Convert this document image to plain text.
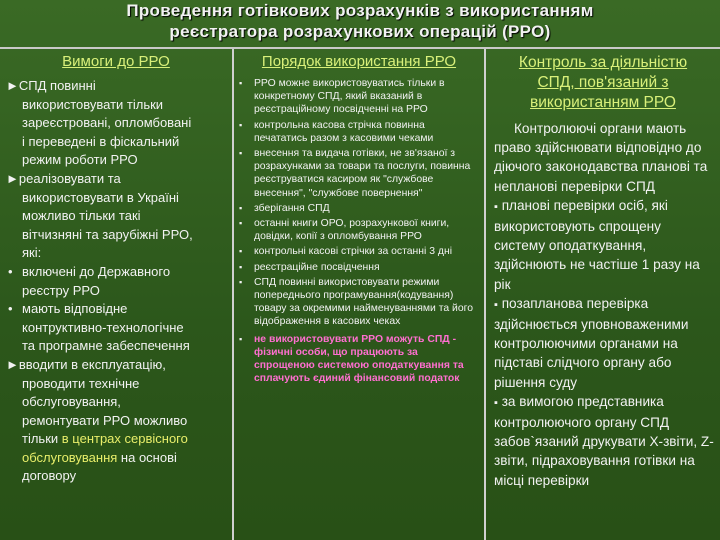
Проведення готівкових розрахунків з використанням
реєстратора розрахункових операцій (РРО)
Вимоги до РРО
►СПД повинні
використовувати тільки
зареєстровані, опломбовані
і переведені в фіскальний
режим роботи РРО
►реалізовувати та
використовувати в Україні
можливо тільки такі
вітчизняні та зарубіжні РРО,
які:
• включені до Державного
реєстру РРО
• мають відповідне
контруктивно-технологічне
та програмне забеспечення
►вводити в експлуатацію,
проводити технічне
обслуговування,
ремонтувати РРО можливо
тільки в центрах сервісного
обслуговування на основі
договору
Порядок використання РРО
▪ РРО можне використовуватись тільки в конкретному СПД, який вказаний в реєстраційному посвідченні на РРО
▪ контрольна касова стрічка повинна печататись разом з касовими чеками
▪ внесення та видача готівки, не зв'язаної з розрахунками за товари та послуги, повинна реєструватися касиром як "службове внесення", "службове повернення"
▪ зберігання СПД
▪ останні книги ОРО, розрахункової книги, довідки, копії з опломбування РРО
▪ контрольні касові стрічки за останні 3 дні
▪ реєстраційне посвідчення
▪ СПД повинні використовувати режими попереднього програмування(кодування) товару за окремими найменуваннями та його відображення в касових чеках
▪ не використовувати РРО можуть СПД - фізичні особи, що працюють за спрощеною системою оподаткування та сплачують єдиний фінансовий податок
Контроль за діяльністю
СПД, пов'язаний з
використанням РРО
Контролюючі органи мають право здійснювати відповідно до діючого законодавства планові та непланові перевірки СПД
▪ планові перевірки осіб, які використовують спрощену систему оподаткування, здійснюють не частіше 1 разу на рік
▪ позапланова перевірка здійснюється уповноваженими контролюючими органами на підставі слідчого органу або рішення суду
▪ за вимогою представника контролюючого органу СПД забов`язаний друкувати Х-звіти, Z-звіти, підраховування готівки на місці перевірки
